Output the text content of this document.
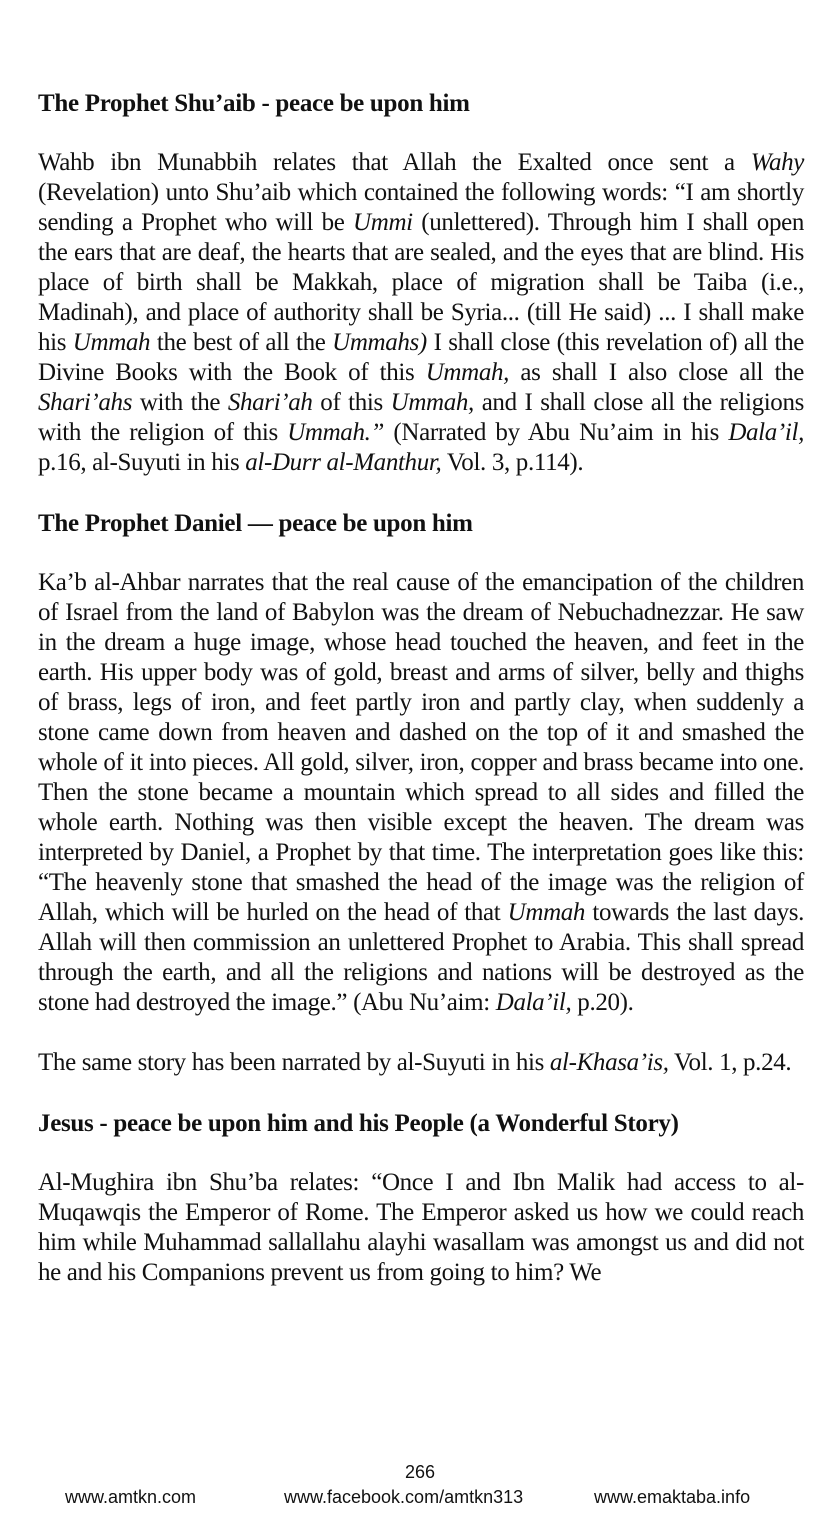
The Prophet Shu’aib - peace be upon him

Wahb ibn Munabbih relates that Allah the Exalted once sent a Wahy (Revelation) unto Shu’aib which contained the following words: “I am shortly sending a Prophet who will be Ummi (unlettered). Through him I shall open the ears that are deaf, the hearts that are sealed, and the eyes that are blind. His place of birth shall be Makkah, place of migration shall be Taiba (i.e., Madinah), and place of authority shall be Syria... (till He said) ... I shall make his Ummah the best of all the Ummahs) I shall close (this revelation of) all the Divine Books with the Book of this Ummah, as shall I also close all the Shari’ahs with the Shari’ah of this Ummah, and I shall close all the religions with the religion of this Ummah.” (Narrated by Abu Nu’aim in his Dala’il, p.16, al-Suyuti in his al-Durr al-Manthur, Vol. 3, p.114).

The Prophet Daniel — peace be upon him

Ka’b al-Ahbar narrates that the real cause of the emancipation of the children of Israel from the land of Babylon was the dream of Nebuchadnezzar. He saw in the dream a huge image, whose head touched the heaven, and feet in the earth. His upper body was of gold, breast and arms of silver, belly and thighs of brass, legs of iron, and feet partly iron and partly clay, when suddenly a stone came down from heaven and dashed on the top of it and smashed the whole of it into pieces. All gold, silver, iron, copper and brass became into one. Then the stone became a mountain which spread to all sides and filled the whole earth. Nothing was then visible except the heaven. The dream was interpreted by Daniel, a Prophet by that time. The interpretation goes like this: “The heavenly stone that smashed the head of the image was the religion of Allah, which will be hurled on the head of that Ummah towards the last days. Allah will then commission an unlettered Prophet to Arabia. This shall spread through the earth, and all the religions and nations will be destroyed as the stone had destroyed the image.” (Abu Nu’aim: Dala’il, p.20).

The same story has been narrated by al-Suyuti in his al-Khasa’is, Vol. 1, p.24.

Jesus - peace be upon him and his People (a Wonderful Story)

Al-Mughira ibn Shu’ba relates: “Once I and Ibn Malik had access to al-Muqawqis the Emperor of Rome. The Emperor asked us how we could reach him while Muhammad sallallahu alayhi wasallam was amongst us and did not he and his Companions prevent us from going to him? We

266
www.amtkn.com	www.facebook.com/amtkn313	www.emaktaba.info
